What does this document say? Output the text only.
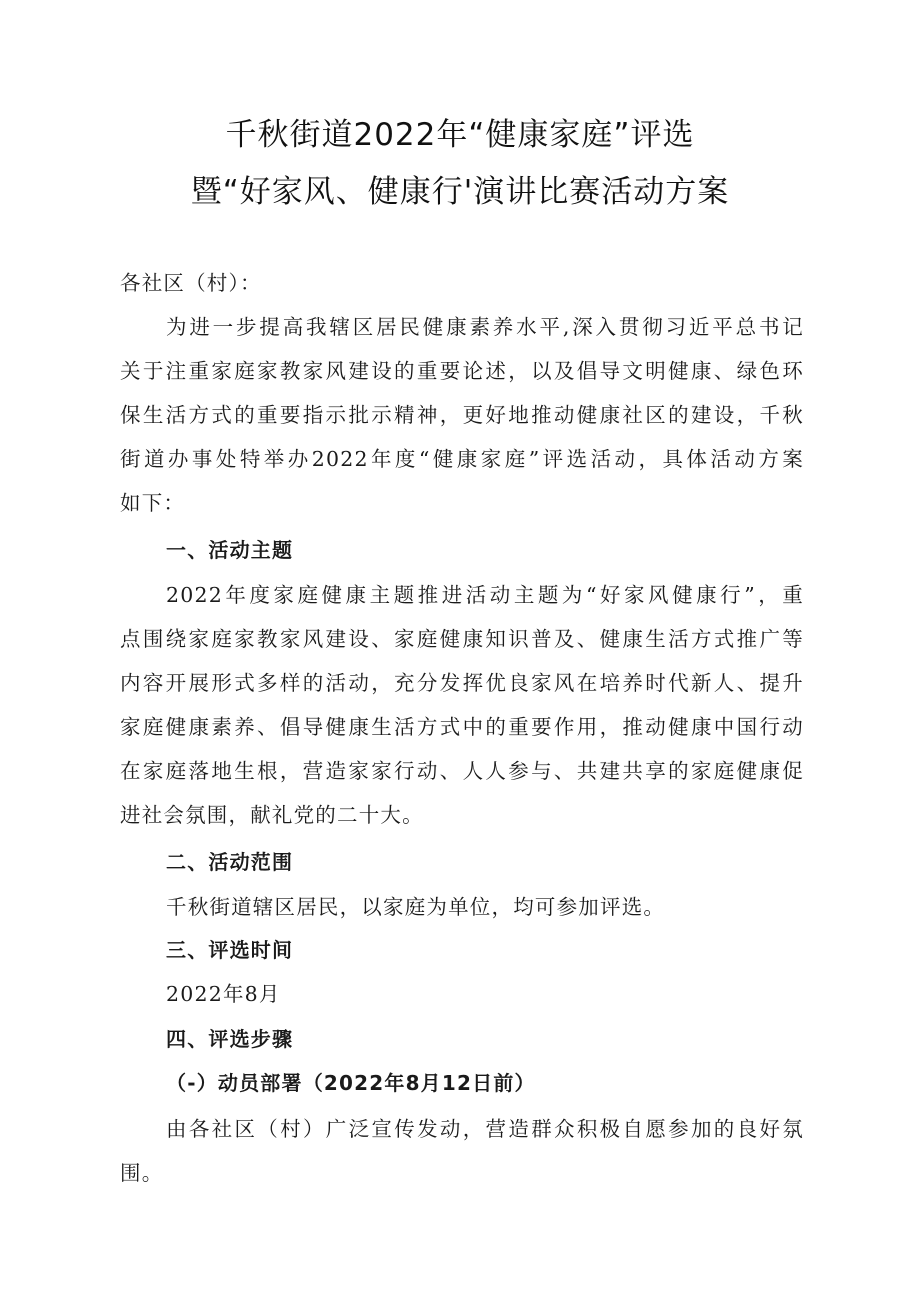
千秋街道2022年“健康家庭”评选
暨“好家风、健康行'演讲比赛活动方案
各社区（村）：
为进一步提高我辖区居民健康素养水平,深入贯彻习近平总书记
关于注重家庭家教家风建设的重要论述，以及倡导文明健康、绿色环
保生活方式的重要指示批示精神，更好地推动健康社区的建设，千秋
街道办事处特举办2022年度“健康家庭”评选活动，具体活动方案
如下：
一、活动主题
2022年度家庭健康主题推进活动主题为“好家风健康行”，重
点围绕家庭家教家风建设、家庭健康知识普及、健康生活方式推广等
内容开展形式多样的活动，充分发挥优良家风在培养时代新人、提升
家庭健康素养、倡导健康生活方式中的重要作用，推动健康中国行动
在家庭落地生根，营造家家行动、人人参与、共建共享的家庭健康促
进社会氛围，献礼党的二十大。
二、活动范围
千秋街道辖区居民，以家庭为单位，均可参加评选。
三、评选时间
2022年8月
四、评选步骤
（-）动员部署（2022年8月12日前）
由各社区（村）广泛宣传发动，营造群众积极自愿参加的良好氛
围。
